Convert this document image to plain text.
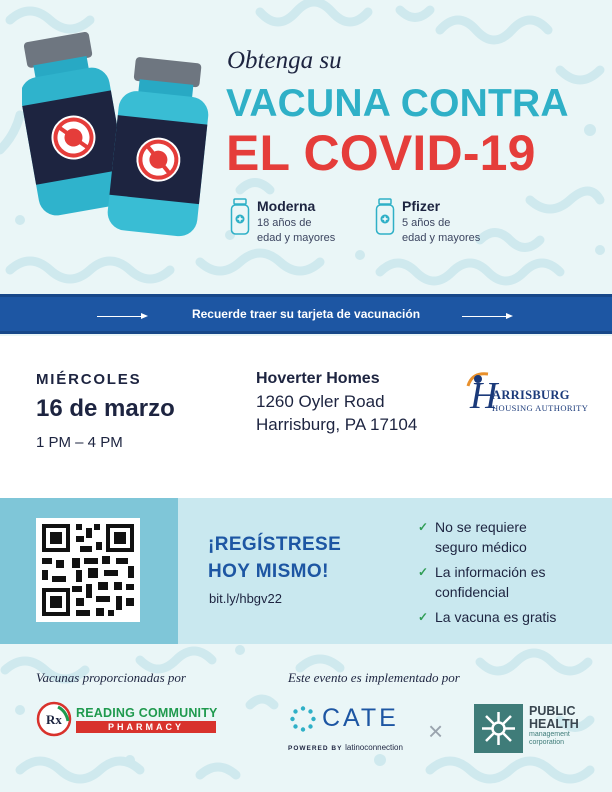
Obtenga su
VACUNA CONTRA
EL COVID-19
Moderna
18 años de
edad y mayores
Pfizer
5 años de
edad y mayores
Recuerde traer su tarjeta de vacunación
MIÉRCOLES
16 de marzo
1 PM – 4 PM
Hoverter Homes
1260 Oyler Road
Harrisburg, PA 17104
H
ARRISBURG
HOUSING AUTHORITY
¡REGÍSTRESE
HOY MISMO!
bit.ly/hbgv22
✓ No se requiere
seguro médico
✓ La información es
confidencial
✓ La vacuna es gratis
Vacunas proporcionadas por	Este evento es implementado por
Rx READING COMMUNITY
PHARMACY	CATE
POWERED BY latinoconnection
×
PUBLIC
HEALTH
management
corporation
